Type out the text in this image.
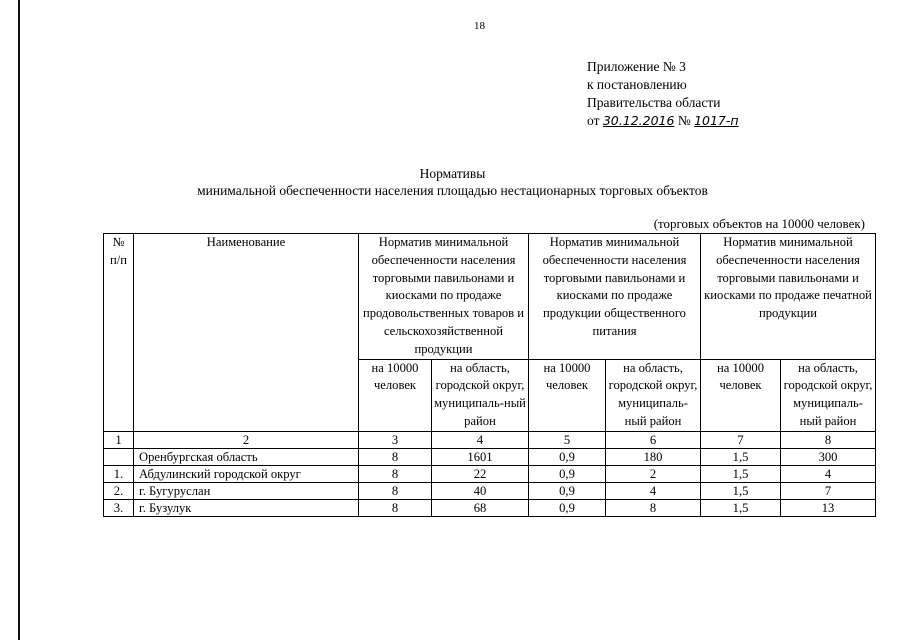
18
Приложение № 3
к постановлению
Правительства области
от 30.12.2016 № 1017-п
Нормативы
минимальной обеспеченности населения площадью нестационарных торговых объектов
(торговых объектов на 10000 человек)
№ п/п	Наименование	Норматив минимальной обеспеченности населения торговыми павильонами и киосками по продаже продовольственных товаров и сельскохозяйственной продукции		Норматив минимальной обеспеченности населения торговыми павильонами и киосками по продаже продукции общественного питания		Норматив минимальной обеспеченности населения торговыми павильонами и киосками по продаже печатной продукции	
		на 10000 человек	на область, городской округ, муниципаль-ный район	на 10000 человек	на область, городской округ, муниципаль-ный район	на 10000 человек	на область, городской округ, муниципаль-ный район
1	2	3	4	5	6	7	8
	Оренбургская область	8	1601	0,9	180	1,5	300
1.	Абдулинский городской округ	8	22	0,9	2	1,5	4
2.	г. Бугуруслан	8	40	0,9	4	1,5	7
3.	г. Бузулук	8	68	0,9	8	1,5	13
